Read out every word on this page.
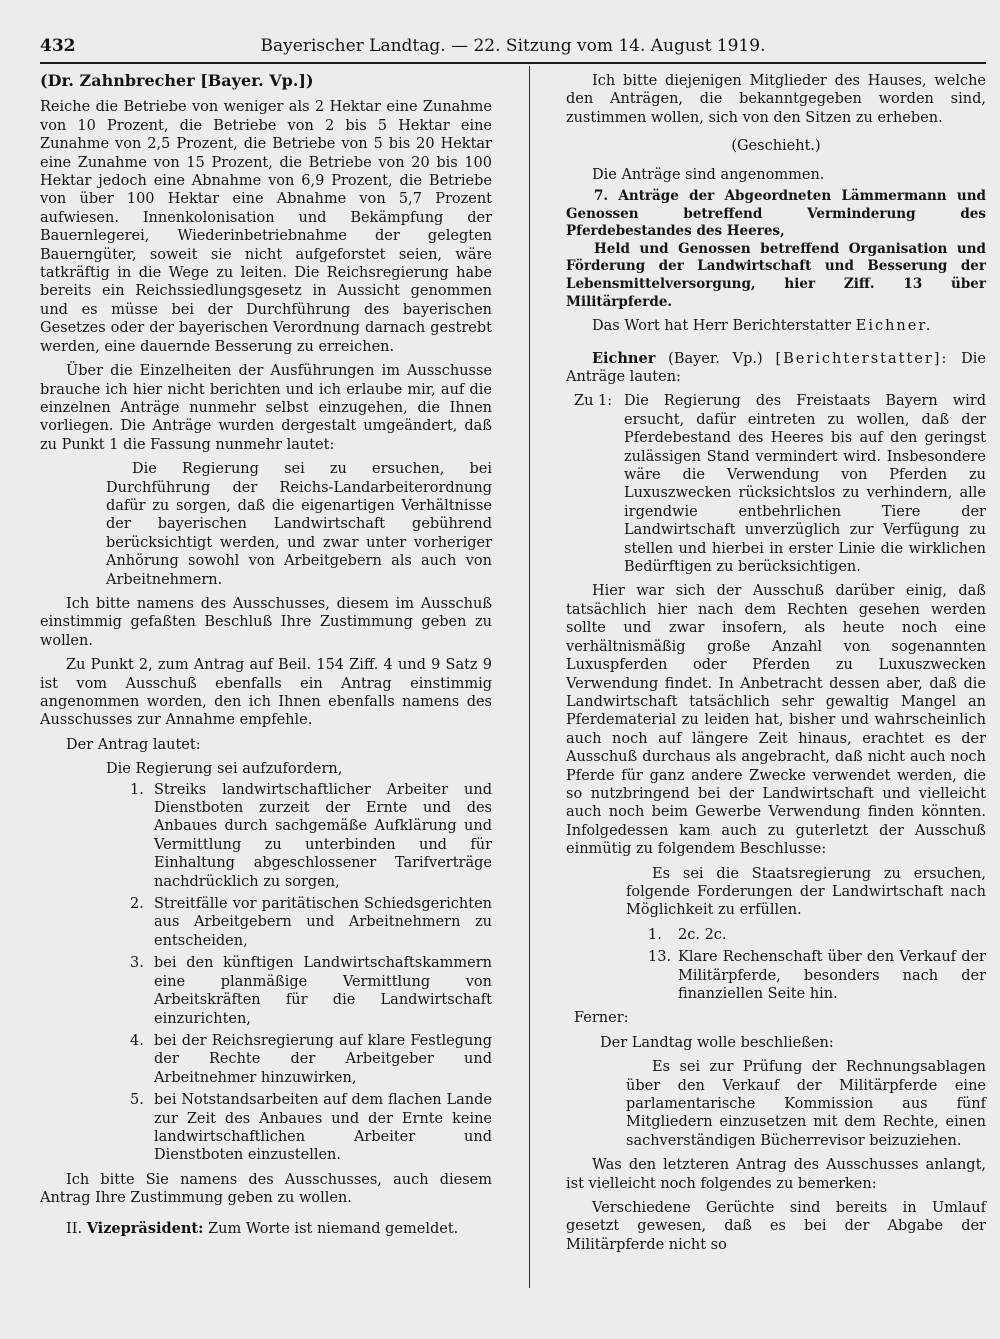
432	Bayerischer Landtag. — 22. Sitzung vom 14. August 1919.
(Dr. Zahnbrecher [Bayer. Vp.])

Reiche die Betriebe von weniger als 2 Hektar eine Zunahme von 10 Prozent, die Betriebe von 2 bis 5 Hektar eine Zunahme von 2,5 Prozent, die Betriebe von 5 bis 20 Hektar eine Zunahme von 15 Prozent, die Betriebe von 20 bis 100 Hektar jedoch eine Abnahme von 6,9 Prozent, die Betriebe von über 100 Hektar eine Abnahme von 5,7 Prozent aufwiesen. Innenkolonisation und Bekämpfung der Bauernlegerei, Wiederinbetriebnahme der gelegten Bauerngüter, soweit sie nicht aufgeforstet seien, wäre tatkräftig in die Wege zu leiten. Die Reichsregierung habe bereits ein Reichssiedlungsgesetz in Aussicht genommen und es müsse bei der Durchführung des bayerischen Gesetzes oder der bayerischen Verordnung darnach gestrebt werden, eine dauernde Besserung zu erreichen.

Über die Einzelheiten der Ausführungen im Ausschusse brauche ich hier nicht berichten und ich erlaube mir, auf die einzelnen Anträge nunmehr selbst einzugehen, die Ihnen vorliegen. Die Anträge wurden dergestalt umgeändert, daß zu Punkt 1 die Fassung nunmehr lautet:

Die Regierung sei zu ersuchen, bei Durchführung der Reichs-Landarbeiterordnung dafür zu sorgen, daß die eigenartigen Verhältnisse der bayerischen Landwirtschaft gebührend berücksichtigt werden, und zwar unter vorheriger Anhörung sowohl von Arbeitgebern als auch von Arbeitnehmern.

Ich bitte namens des Ausschusses, diesem im Ausschuß einstimmig gefaßten Beschluß Ihre Zustimmung geben zu wollen.

Zu Punkt 2, zum Antrag auf Beil. 154 Ziff. 4 und 9 Satz 9 ist vom Ausschuß ebenfalls ein Antrag einstimmig angenommen worden, den ich Ihnen ebenfalls namens des Ausschusses zur Annahme empfehle.

Der Antrag lautet:

Die Regierung sei aufzufordern,

1. Streiks landwirtschaftlicher Arbeiter und Dienstboten zurzeit der Ernte und des Anbaues durch sachgemäße Aufklärung und Vermittlung zu unterbinden und für Einhaltung abgeschlossener Tarifverträge nachdrücklich zu sorgen,
2. Streitfälle vor paritätischen Schiedsgerichten aus Arbeitgebern und Arbeitnehmern zu entscheiden,
3. bei den künftigen Landwirtschaftskammern eine planmäßige Vermittlung von Arbeitskräften für die Landwirtschaft einzurichten,
4. bei der Reichsregierung auf klare Festlegung der Rechte der Arbeitgeber und Arbeitnehmer hinzuwirken,
5. bei Notstandsarbeiten auf dem flachen Lande zur Zeit des Anbaues und der Ernte keine landwirtschaftlichen Arbeiter und Dienstboten einzustellen.

Ich bitte Sie namens des Ausschusses, auch diesem Antrag Ihre Zustimmung geben zu wollen.

II. Vizepräsident: Zum Worte ist niemand gemeldet.

Ich bitte diejenigen Mitglieder des Hauses, welche den Anträgen, die bekanntgegeben worden sind, zustimmen wollen, sich von den Sitzen zu erheben.

(Geschieht.)

Die Anträge sind angenommen.

7. Anträge der Abgeordneten Lämmermann und Genossen betreffend Verminderung des Pferdebestandes des Heeres,

Held und Genossen betreffend Organisation und Förderung der Landwirtschaft und Besserung der Lebensmittelversorgung, hier Ziff. 13 über Militärpferde.

Das Wort hat Herr Berichterstatter Eichner.

Eichner (Bayer. Vp.) [Berichterstatter]: Die Anträge lauten:

Zu 1: Die Regierung des Freistaats Bayern wird ersucht, dafür eintreten zu wollen, daß der Pferdebestand des Heeres bis auf den geringst zulässigen Stand vermindert wird. Insbesondere wäre die Verwendung von Pferden zu Luxuszwecken rücksichtslos zu verhindern, alle irgendwie entbehrlichen Tiere der Landwirtschaft unverzüglich zur Verfügung zu stellen und hierbei in erster Linie die wirklichen Bedürftigen zu berücksichtigen.

Hier war sich der Ausschuß darüber einig, daß tatsächlich hier nach dem Rechten gesehen werden sollte und zwar insofern, als heute noch eine verhältnismäßig große Anzahl von sogenannten Luxuspferden oder Pferden zu Luxuszwecken Verwendung findet. In Anbetracht dessen aber, daß die Landwirtschaft tatsächlich sehr gewaltig Mangel an Pferdematerial zu leiden hat, bisher und wahrscheinlich auch noch auf längere Zeit hinaus, erachtet es der Ausschuß durchaus als angebracht, daß nicht auch noch Pferde für ganz andere Zwecke verwendet werden, die so nutzbringend bei der Landwirtschaft und vielleicht auch noch beim Gewerbe Verwendung finden könnten. Infolgedessen kam auch zu guterletzt der Ausschuß einmütig zu folgendem Beschlusse:

Es sei die Staatsregierung zu ersuchen, folgende Forderungen der Landwirtschaft nach Möglichkeit zu erfüllen.

1. 2c. 2c.
13. Klare Rechenschaft über den Verkauf der Militärpferde, besonders nach der finanziellen Seite hin.

Ferner:

Der Landtag wolle beschließen:

Es sei zur Prüfung der Rechnungsablagen über den Verkauf der Militärpferde eine parlamentarische Kommission aus fünf Mitgliedern einzusetzen mit dem Rechte, einen sachverständigen Bücherrevisor beizuziehen.

Was den letzteren Antrag des Ausschusses anlangt, ist vielleicht noch folgendes zu bemerken:

Verschiedene Gerüchte sind bereits in Umlauf gesetzt gewesen, daß es bei der Abgabe der Militärpferde nicht so
